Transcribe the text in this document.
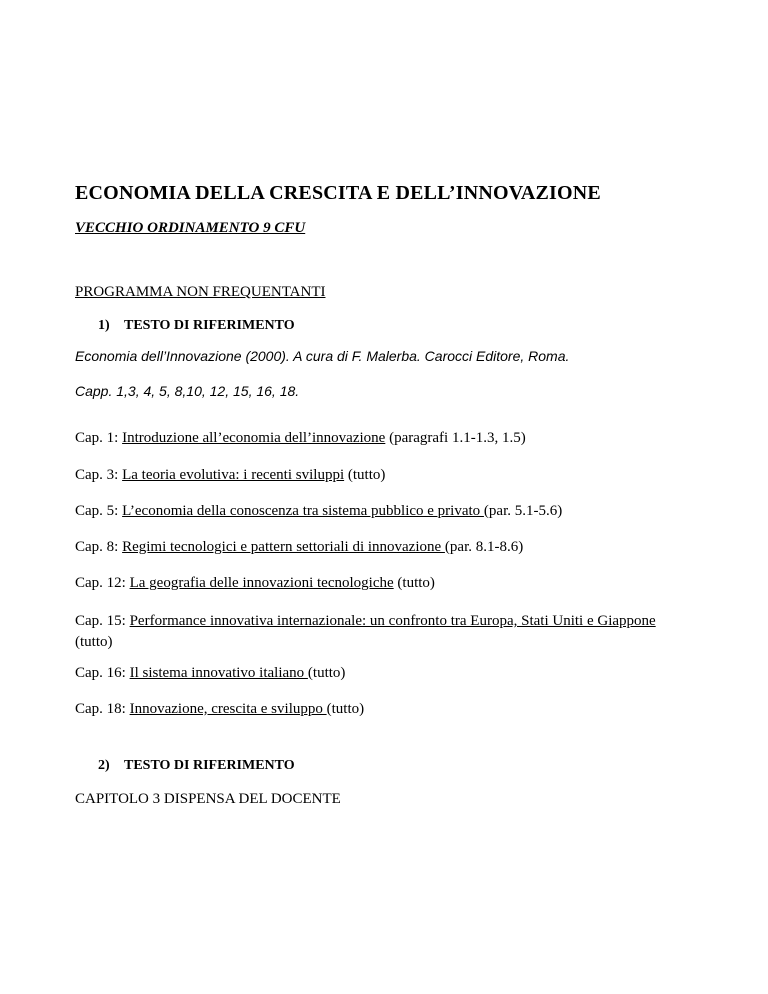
ECONOMIA DELLA CRESCITA E DELL’INNOVAZIONE
VECCHIO ORDINAMENTO 9 CFU
PROGRAMMA NON FREQUENTANTI
1) TESTO DI RIFERIMENTO
Economia dell’Innovazione (2000). A cura di F. Malerba. Carocci Editore, Roma.
Capp. 1,3, 4, 5, 8,10, 12, 15, 16, 18.
Cap. 1: Introduzione all’economia dell’innovazione (paragrafi 1.1-1.3, 1.5)
Cap. 3: La teoria evolutiva: i recenti sviluppi (tutto)
Cap. 5: L’economia della conoscenza tra sistema pubblico e privato (par. 5.1-5.6)
Cap. 8: Regimi tecnologici e pattern settoriali di innovazione (par. 8.1-8.6)
Cap. 12: La geografia delle innovazioni tecnologiche (tutto)
Cap. 15: Performance innovativa internazionale: un confronto tra Europa, Stati Uniti e Giappone (tutto)
Cap. 16: Il sistema innovativo italiano (tutto)
Cap. 18: Innovazione, crescita e sviluppo (tutto)
2) TESTO DI RIFERIMENTO
CAPITOLO 3 DISPENSA DEL DOCENTE
